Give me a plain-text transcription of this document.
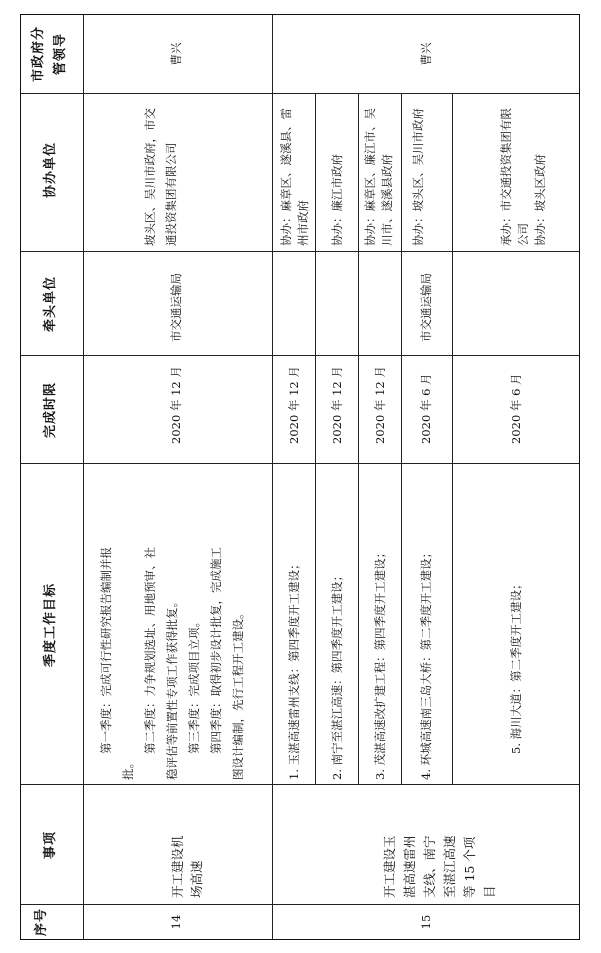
序号
事项
季度工作目标
完成时限
牵头单位
协办单位
市政府分管领导
14
开工建设机场高速
第一季度：完成可行性研究报告编制并报
批。
第二季度：力争规划选址、用地预审、社 稳评估等前置性专项工作获得批复。 第三季度：完成项目立项。 第四季度：取得初步设计批复，完成施工 图设计编制，先行工程开工建设。
2020 年 12 月
市交通运输局
坡头区、吴川市政府，市交通投资集团有限公司
曹兴
15
开工建设玉湛高速雷州支线、南宁至湛江高速等 15 个项目
1. 玉湛高速雷州支线：第四季度开工建设；
2020 年 12 月
协办：麻章区、遂溪县、雷州市政府
2. 南宁至湛江高速：第四季度开工建设；
2020 年 12 月
协办：廉江市政府
3. 茂湛高速改扩建工程：第四季度开工建设；
2020 年 12 月
协办：麻章区、廉江市、吴川市、遂溪县政府
4. 环城高速南三岛大桥：第二季度开工建设；
2020 年 6 月
协办：坡头区、吴川市政府
5. 海川大道：第二季度开工建设；
2020 年 6 月
承办：市交通投资集团有限公司
协办：坡头区政府
市交通运输局
曹兴
